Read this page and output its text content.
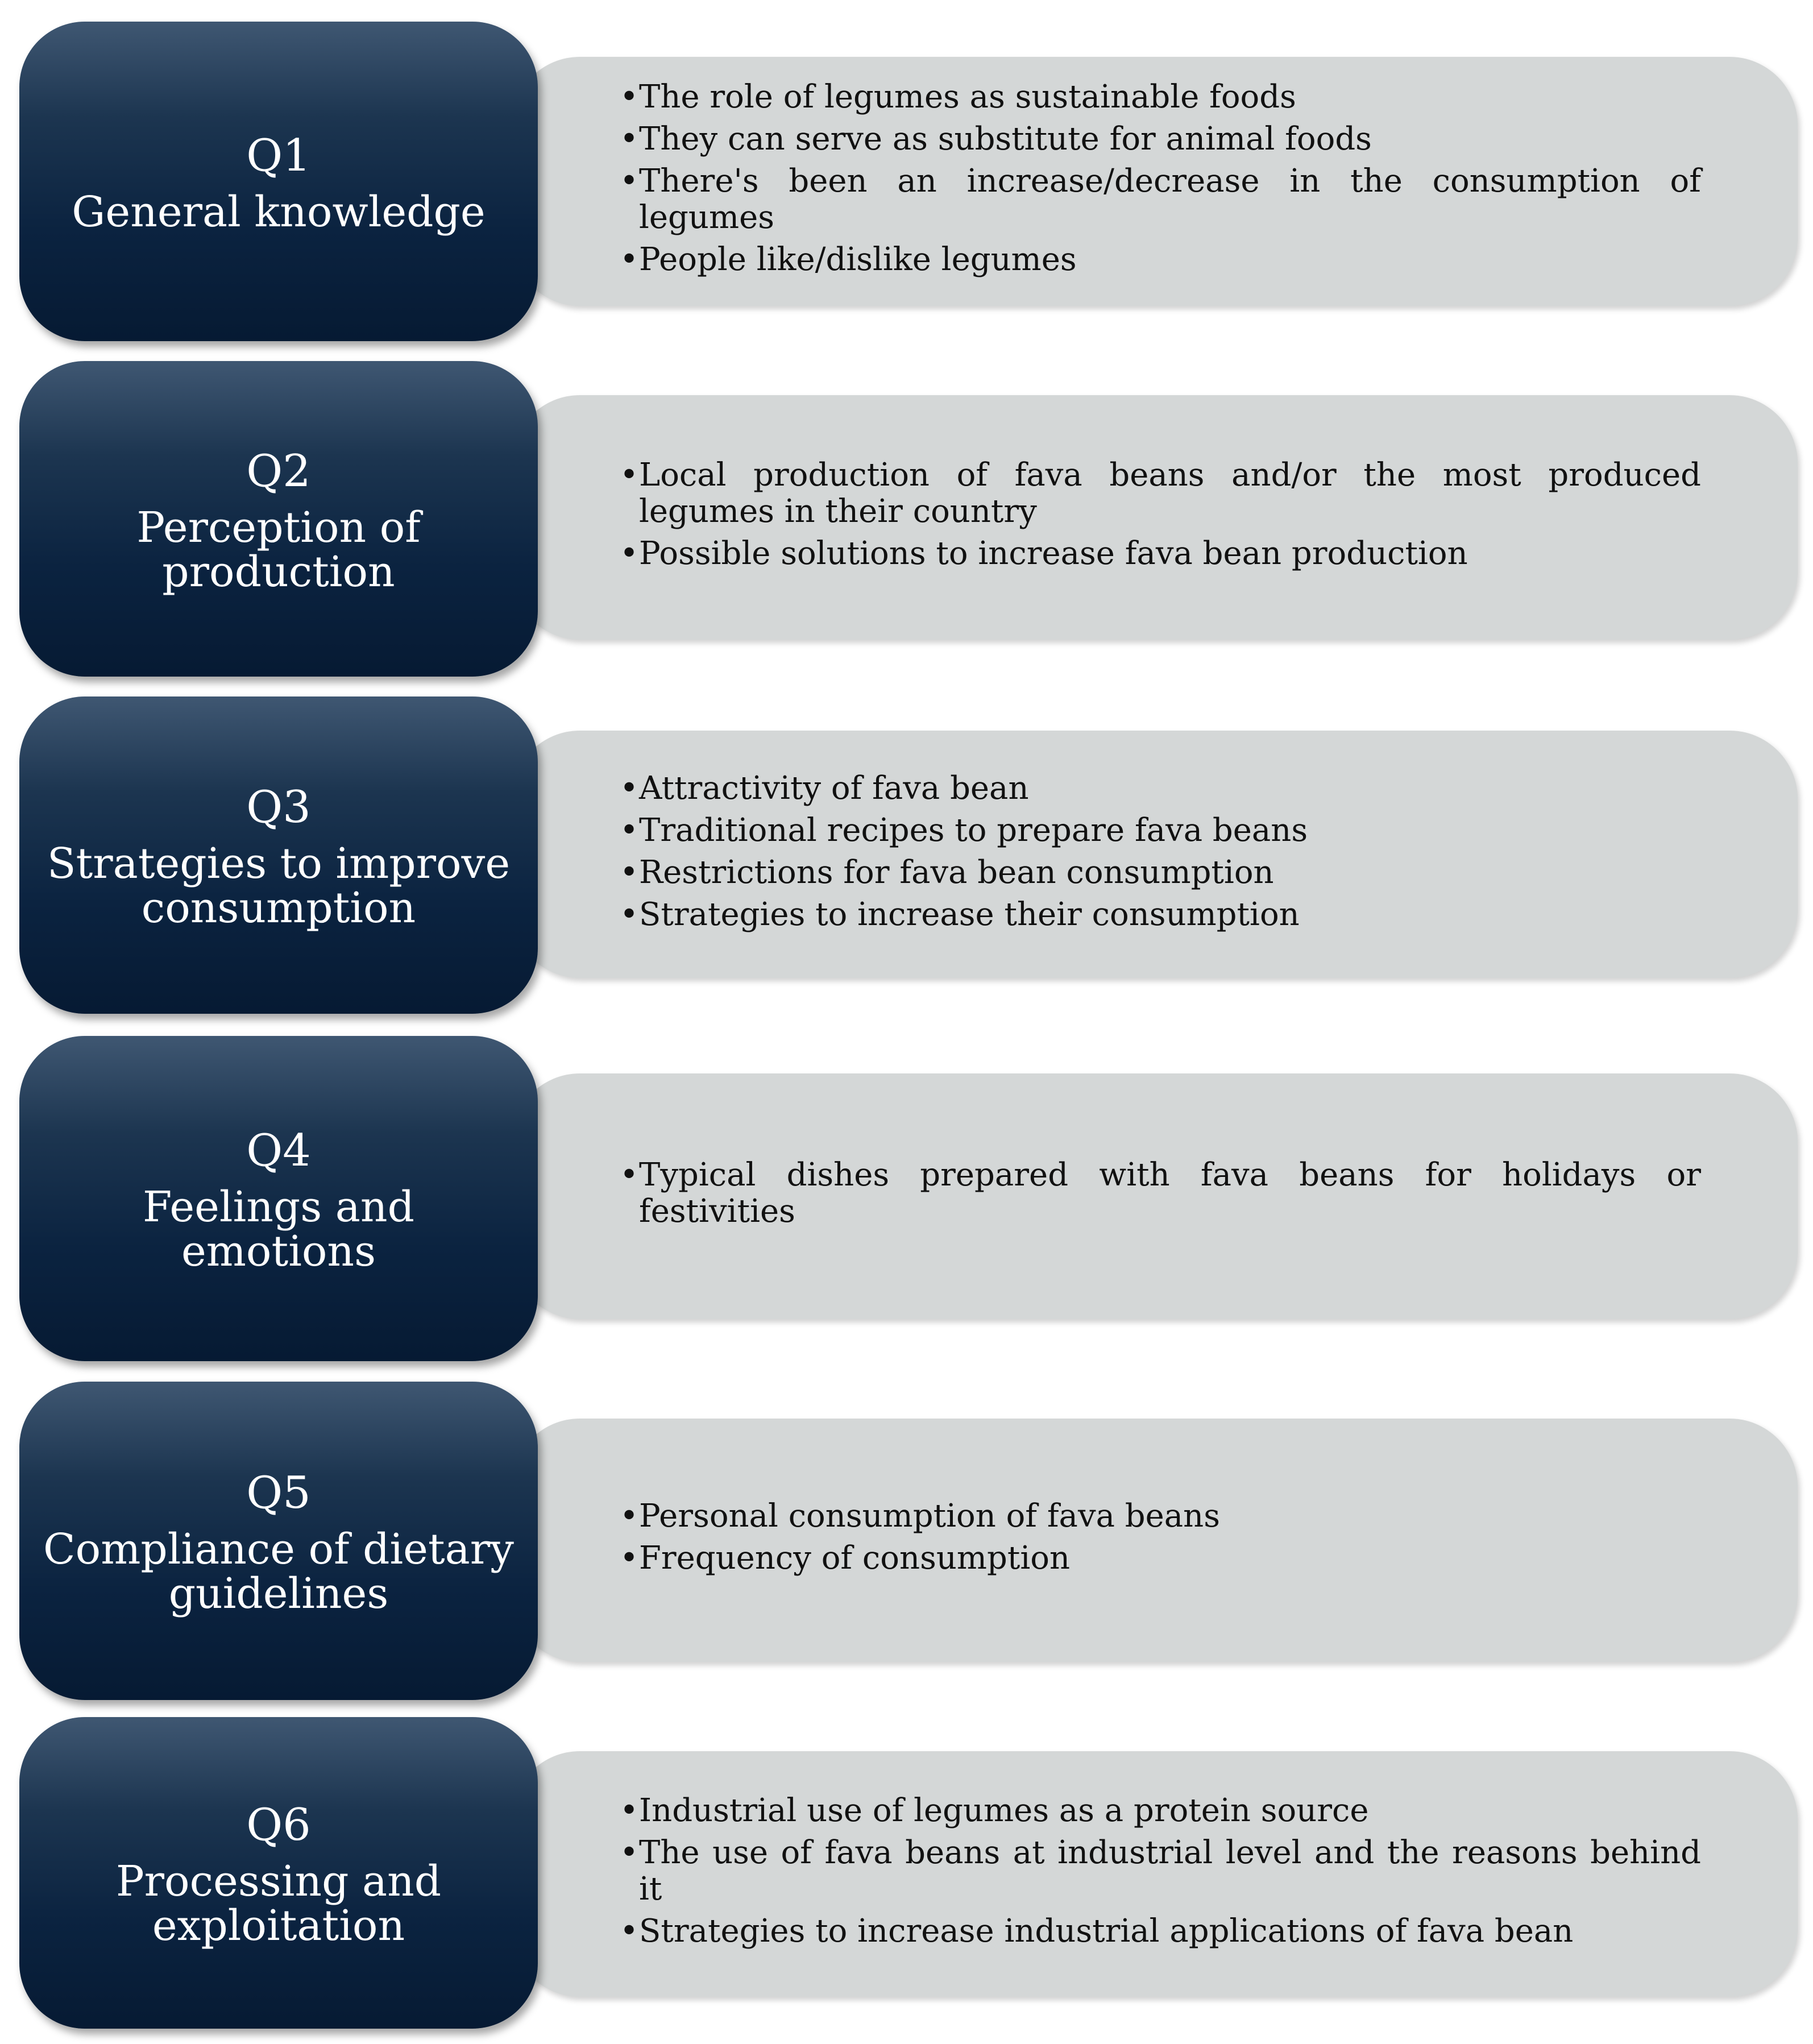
• The role of legumes as sustainable foods
• They can serve as substitute for animal foods
• There's been an increase/decrease in the consumption of legumes
• People like/dislike legumes
Q1
General knowledge
• Local production of fava beans and/or the most produced legumes in their country
• Possible solutions to increase fava bean production
Q2
Perception of production
• Attractivity of fava bean
• Traditional recipes to prepare fava beans
• Restrictions for fava bean consumption
• Strategies to increase their consumption
Q3
Strategies to improve consumption
• Typical dishes prepared with fava beans for holidays or festivities
Q4
Feelings and emotions
• Personal consumption of fava beans
• Frequency of consumption
Q5
Compliance of dietary guidelines
• Industrial use of legumes as a protein source
• The use of fava beans at industrial level and the reasons behind it
• Strategies to increase industrial applications of fava bean
Q6
Processing and exploitation
